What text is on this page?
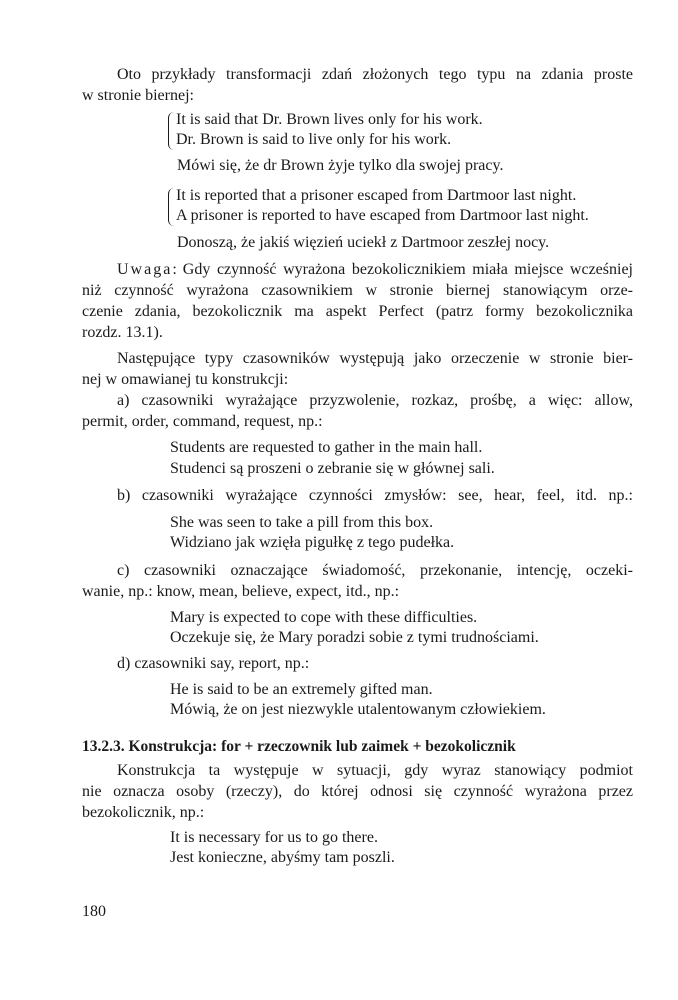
Oto przykłady transformacji zdań złożonych tego typu na zdania proste
w stronie biernej:
It is said that Dr. Brown lives only for his work.
Dr. Brown is said to live only for his work.
Mówi się, że dr Brown żyje tylko dla swojej pracy.
It is reported that a prisoner escaped from Dartmoor last night.
A prisoner is reported to have escaped from Dartmoor last night.
Donoszą, że jakiś więzień uciekł z Dartmoor zeszłej nocy.
Uwaga: Gdy czynność wyrażona bezokolicznikiem miała miejsce wcześniej
niż czynność wyrażona czasownikiem w stronie biernej stanowiącym orze-
czenie zdania, bezokolicznik ma aspekt Perfect (patrz formy bezokolicznika
rozdz. 13.1).
Następujące typy czasowników występują jako orzeczenie w stronie bier-
nej w omawianej tu konstrukcji:
a) czasowniki wyrażające przyzwolenie, rozkaz, prośbę, a więc: allow,
permit, order, command, request, np.:
Students are requested to gather in the main hall.
Studenci są proszeni o zebranie się w głównej sali.
b) czasowniki wyrażające czynności zmysłów: see, hear, feel, itd. np.:
She was seen to take a pill from this box.
Widziano jak wzięła pigułkę z tego pudełka.
c) czasowniki oznaczające świadomość, przekonanie, intencję, oczeki-
wanie, np.: know, mean, believe, expect, itd., np.:
Mary is expected to cope with these difficulties.
Oczekuje się, że Mary poradzi sobie z tymi trudnościami.
d) czasowniki say, report, np.:
He is said to be an extremely gifted man.
Mówią, że on jest niezwykle utalentowanym człowiekiem.
13.2.3. Konstrukcja: for + rzeczownik lub zaimek + bezokolicznik
Konstrukcja ta występuje w sytuacji, gdy wyraz stanowiący podmiot
nie oznacza osoby (rzeczy), do której odnosi się czynność wyrażona przez
bezokolicznik, np.:
It is necessary for us to go there.
Jest konieczne, abyśmy tam poszli.
180
